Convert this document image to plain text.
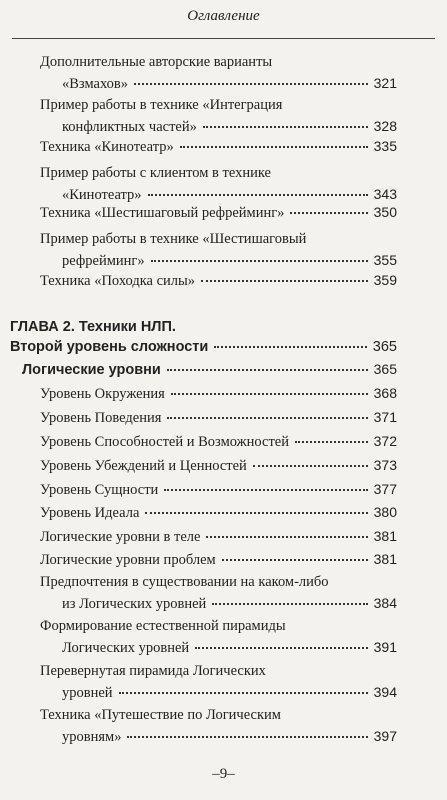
Оглавление
Дополнительные авторские варианты
«Взмахов»	321
Пример работы в технике «Интеграция
конфликтных частей»	328
Техника «Кинотеатр»	335
Пример работы с клиентом в технике
«Кинотеатр»	343
Техника «Шестишаговый рефрейминг»	350
Пример работы в технике «Шестишаговый
рефрейминг»	355
Техника «Походка силы»	359
ГЛАВА 2. Техники НЛП.
Второй уровень сложности	365
Логические уровни	365
Уровень Окружения	368
Уровень Поведения	371
Уровень Способностей и Возможностей	372
Уровень Убеждений и Ценностей	373
Уровень Сущности	377
Уровень Идеала	380
Логические уровни в теле	381
Логические уровни проблем	381
Предпочтения в существовании на каком-либо
из Логических уровней	384
Формирование естественной пирамиды
Логических уровней	391
Перевернутая пирамида Логических
уровней	394
Техника «Путешествие по Логическим
уровням»	397
–9–
